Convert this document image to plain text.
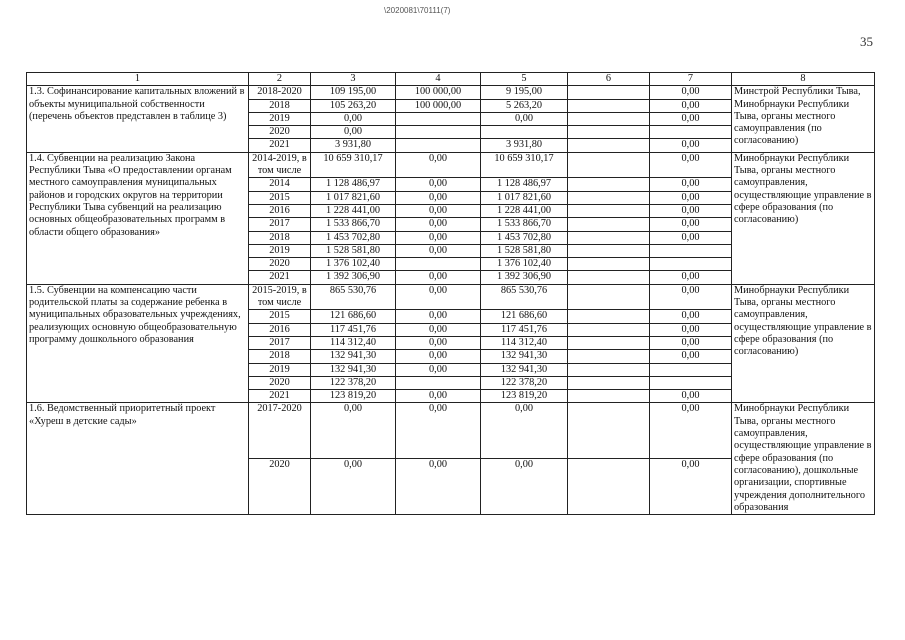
\2020081\70111(7)
35
1	2	3	4	5	6	7	8
1.3. Софинансирование капитальных вложений в объекты муниципальной собственности (перечень объектов представлен в таблице 3)	2018-2020	109 195,00	100 000,00	9 195,00		0,00	Минстрой Республики Тыва, Минобрнауки Республики Тыва, органы местного самоуправления (по согласованию)
	2018	105 263,20	100 000,00	5 263,20		0,00	
	2019	0,00		0,00		0,00	
	2020	0,00					
	2021	3 931,80		3 931,80		0,00	
1.4. Субвенции на реализацию Закона Республики Тыва «О предоставлении органам местного самоуправления муниципальных районов и городских округов на территории Республики Тыва субвенций на реализацию основных общеобразовательных программ в области общего образования»	2014-2019, в том числе	10 659 310,17	0,00	10 659 310,17		0,00	Минобрнауки Республики Тыва, органы местного самоуправления, осуществляющие управление в сфере образования (по согласованию)
	2014	1 128 486,97	0,00	1 128 486,97		0,00	
	2015	1 017 821,60	0,00	1 017 821,60		0,00	
	2016	1 228 441,00	0,00	1 228 441,00		0,00	
	2017	1 533 866,70	0,00	1 533 866,70		0,00	
	2018	1 453 702,80	0,00	1 453 702,80		0,00	
	2019	1 528 581,80	0,00	1 528 581,80			
	2020	1 376 102,40		1 376 102,40			
	2021	1 392 306,90	0,00	1 392 306,90		0,00	
1.5. Субвенции на компенсацию части родительской платы за содержание ребенка в муниципальных образовательных учреждениях, реализующих основную общеобразовательную программу дошкольного образования	2015-2019, в том числе	865 530,76	0,00	865 530,76		0,00	Минобрнауки Республики Тыва, органы местного самоуправления, осуществляющие управление в сфере образования (по согласованию)
	2015	121 686,60	0,00	121 686,60		0,00	
	2016	117 451,76	0,00	117 451,76		0,00	
	2017	114 312,40	0,00	114 312,40		0,00	
	2018	132 941,30	0,00	132 941,30		0,00	
	2019	132 941,30	0,00	132 941,30			
	2020	122 378,20		122 378,20			
	2021	123 819,20	0,00	123 819,20		0,00	
1.6. Ведомственный приоритетный проект «Хуреш в детские сады»	2017-2020	0,00	0,00	0,00		0,00	Минобрнауки Республики Тыва, органы местного самоуправления, осуществляющие управление в сфере образования (по согласованию), дошкольные организации, спортивные учреждения дополнительного образования
	2020	0,00	0,00	0,00		0,00	
